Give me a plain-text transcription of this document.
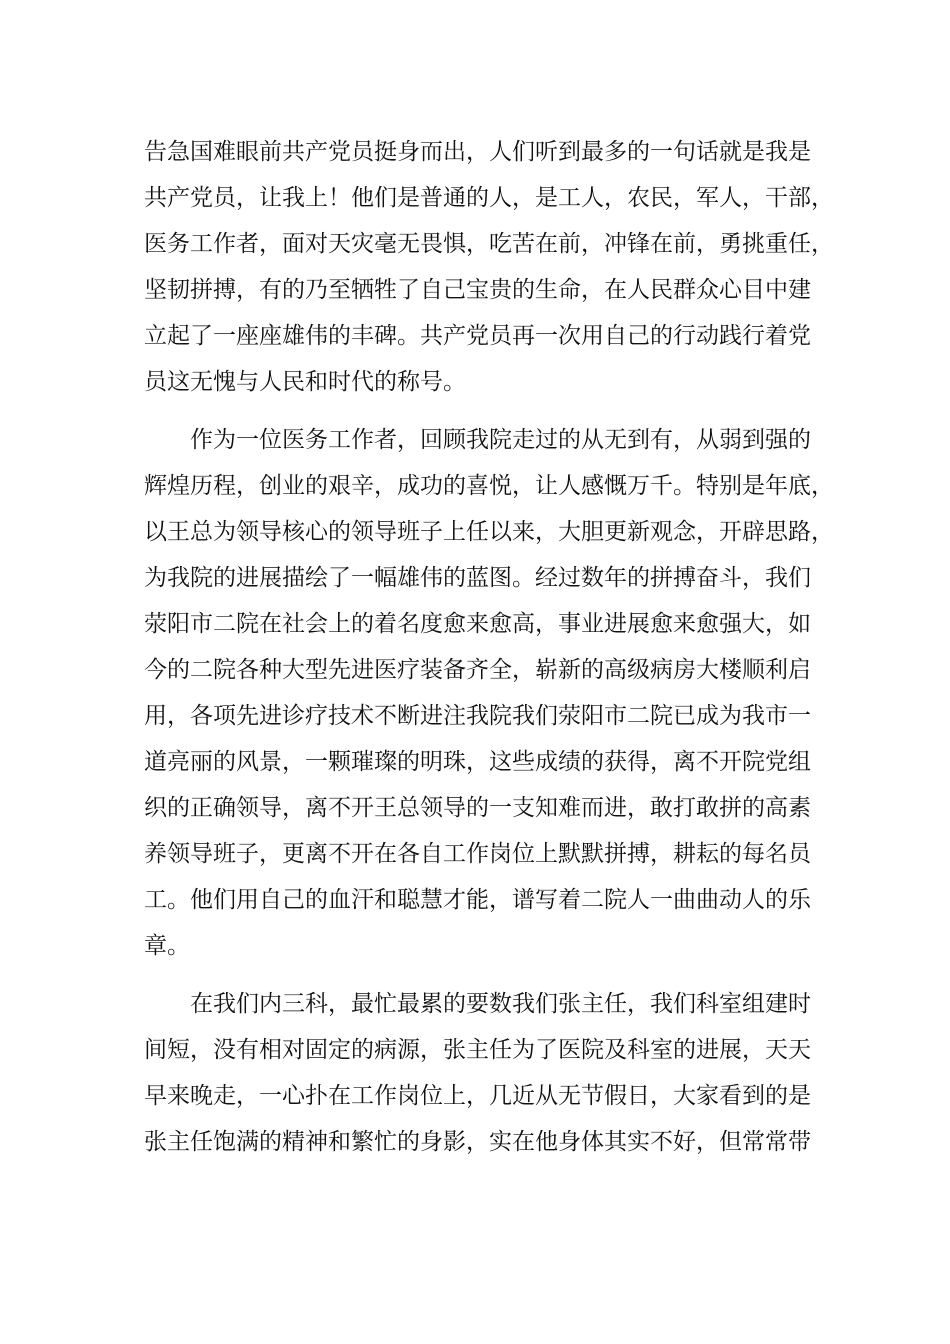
告急国难眼前共产党员挺身而出，人们听到最多的一句话就是我是
共产党员，让我上！他们是普通的人，是工人，农民，军人，干部，
医务工作者，面对天灾毫无畏惧，吃苦在前，冲锋在前，勇挑重任，
坚韧拼搏，有的乃至牺牲了自己宝贵的生命，在人民群众心目中建
立起了一座座雄伟的丰碑。共产党员再一次用自己的行动践行着党
员这无愧与人民和时代的称号。
作为一位医务工作者，回顾我院走过的从无到有，从弱到强的
辉煌历程，创业的艰辛，成功的喜悦，让人感慨万千。特别是年底，
以王总为领导核心的领导班子上任以来，大胆更新观念，开辟思路，
为我院的进展描绘了一幅雄伟的蓝图。经过数年的拼搏奋斗，我们
荥阳市二院在社会上的着名度愈来愈高，事业进展愈来愈强大，如
今的二院各种大型先进医疗装备齐全，崭新的高级病房大楼顺利启
用，各项先进诊疗技术不断进注我院我们荥阳市二院已成为我市一
道亮丽的风景，一颗璀璨的明珠，这些成绩的获得，离不开院党组
织的正确领导，离不开王总领导的一支知难而进，敢打敢拼的高素
养领导班子，更离不开在各自工作岗位上默默拼搏，耕耘的每名员
工。他们用自己的血汗和聪慧才能，谱写着二院人一曲曲动人的乐
章。
在我们内三科，最忙最累的要数我们张主任，我们科室组建时
间短，没有相对固定的病源，张主任为了医院及科室的进展，天天
早来晚走，一心扑在工作岗位上，几近从无节假日，大家看到的是
张主任饱满的精神和繁忙的身影，实在他身体其实不好，但常常带
